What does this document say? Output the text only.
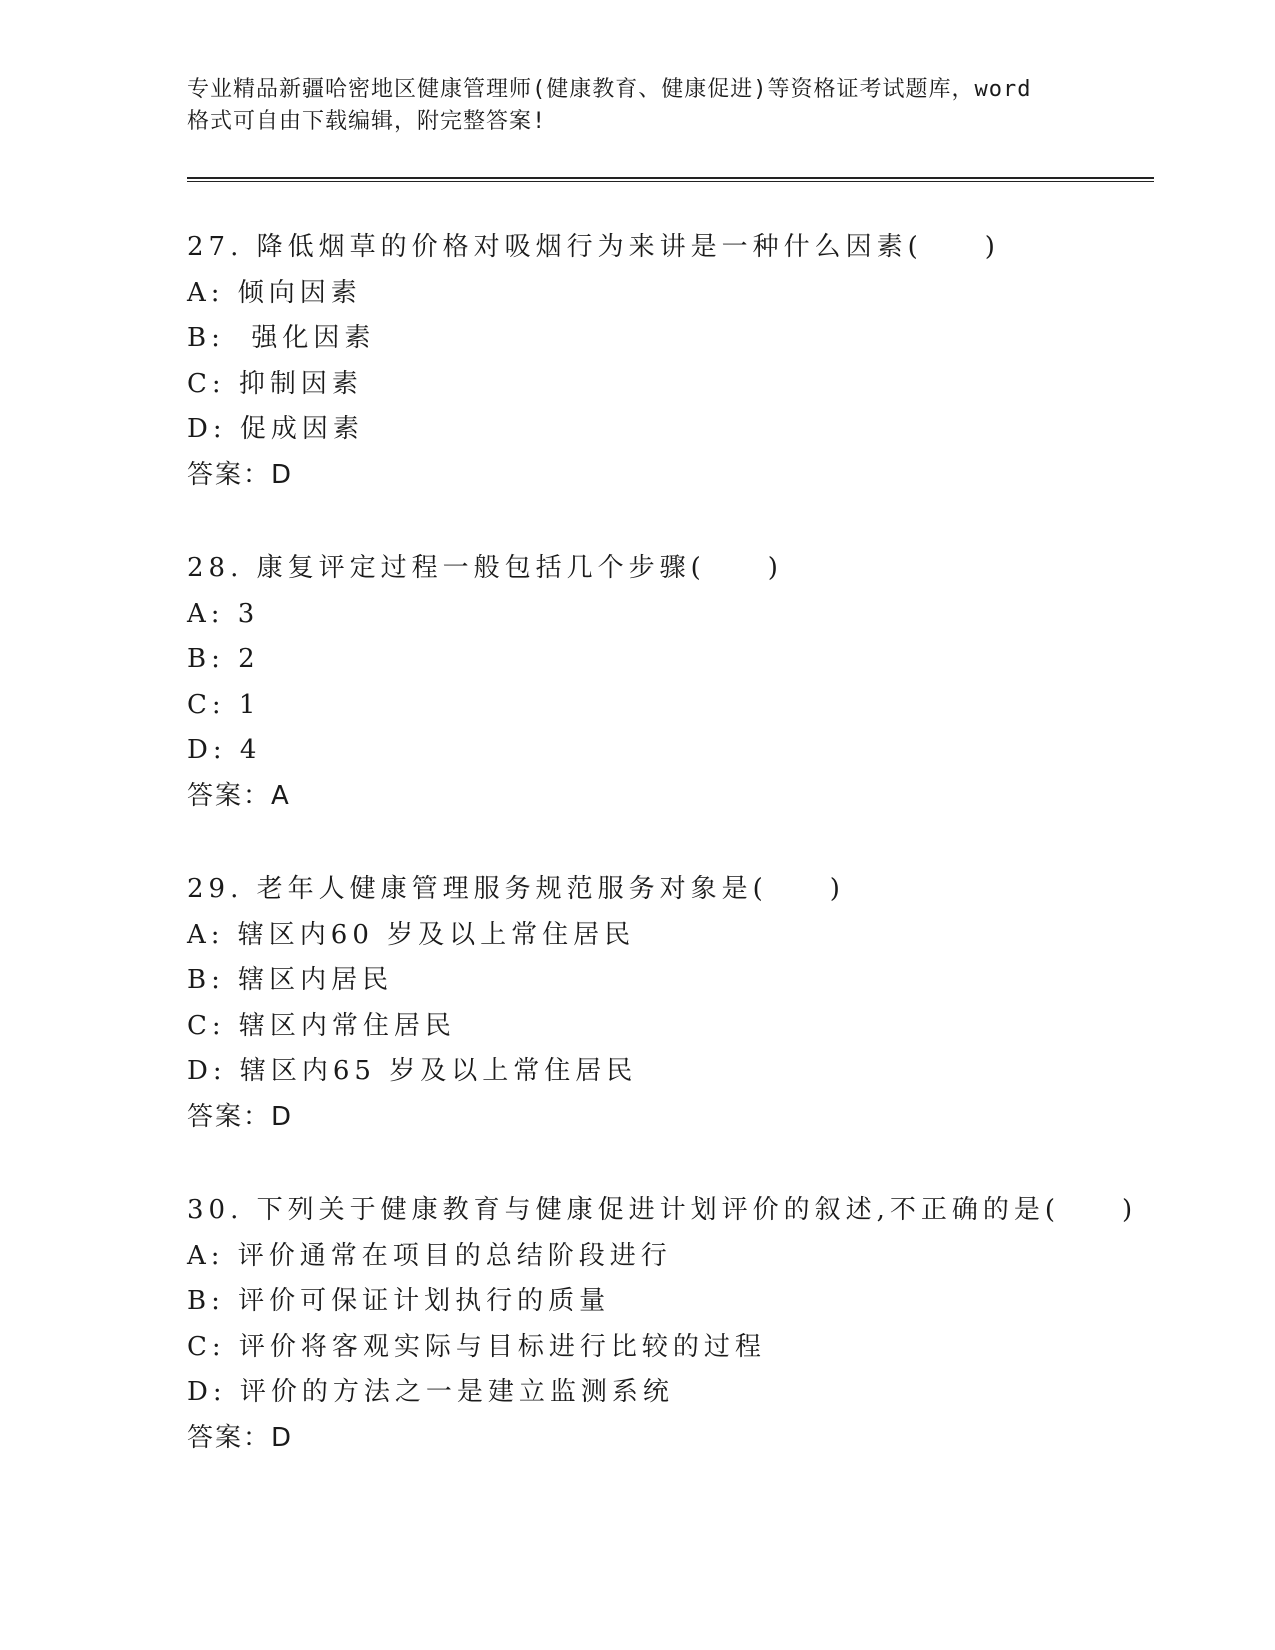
专业精品新疆哈密地区健康管理师(健康教育、健康促进)等资格证考试题库，word
格式可自由下载编辑，附完整答案!
27. 降低烟草的价格对吸烟行为来讲是一种什么因素(　　)
A: 倾向因素
B:  强化因素
C: 抑制因素
D: 促成因素
答案：D
28. 康复评定过程一般包括几个步骤(　　)
A: 3
B: 2
C: 1
D: 4
答案：A
29. 老年人健康管理服务规范服务对象是(　　)
A: 辖区内60 岁及以上常住居民
B: 辖区内居民
C: 辖区内常住居民
D: 辖区内65 岁及以上常住居民
答案：D
30. 下列关于健康教育与健康促进计划评价的叙述,不正确的是(　　)
A: 评价通常在项目的总结阶段进行
B: 评价可保证计划执行的质量
C: 评价将客观实际与目标进行比较的过程
D: 评价的方法之一是建立监测系统
答案：D
